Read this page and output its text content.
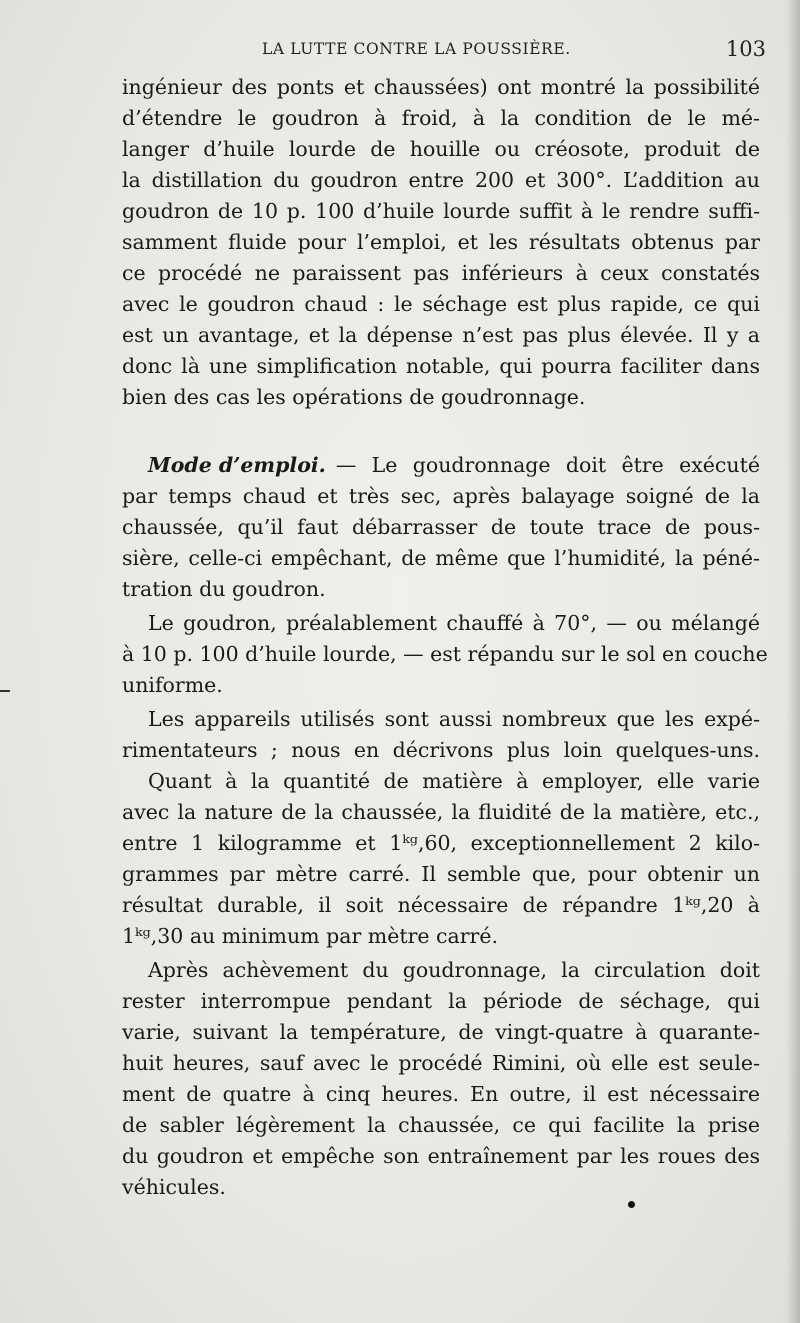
LA LUTTE CONTRE LA POUSSIÈRE.	103
ingénieur des ponts et chaussées) ont montré la possibilité
d’étendre le goudron à froid, à la condition de le mé-
langer d’huile lourde de houille ou créosote, produit de
la distillation du goudron entre 200 et 300°. L’addition au
goudron de 10 p. 100 d’huile lourde suffit à le rendre suffi-
samment fluide pour l’emploi, et les résultats obtenus par
ce procédé ne paraissent pas inférieurs à ceux constatés
avec le goudron chaud : le séchage est plus rapide, ce qui
est un avantage, et la dépense n’est pas plus élevée. Il y a
donc là une simplification notable, qui pourra faciliter dans
bien des cas les opérations de goudronnage.
Mode d’emploi. — Le goudronnage doit être exécuté
par temps chaud et très sec, après balayage soigné de la
chaussée, qu’il faut débarrasser de toute trace de pous-
sière, celle-ci empêchant, de même que l’humidité, la péné-
tration du goudron.
Le goudron, préalablement chauffé à 70°, — ou mélangé
à 10 p. 100 d’huile lourde, — est répandu sur le sol en couche
uniforme.
Les appareils utilisés sont aussi nombreux que les expé-
rimentateurs ; nous en décrivons plus loin quelques-uns.
Quant à la quantité de matière à employer, elle varie
avec la nature de la chaussée, la fluidité de la matière, etc.,
entre 1 kilogramme et 1ᵏᵍ,60, exceptionnellement 2 kilo-
grammes par mètre carré. Il semble que, pour obtenir un
résultat durable, il soit nécessaire de répandre 1ᵏᵍ,20 à
1ᵏᵍ,30 au minimum par mètre carré.
Après achèvement du goudronnage, la circulation doit
rester interrompue pendant la période de séchage, qui
varie, suivant la température, de vingt-quatre à quarante-
huit heures, sauf avec le procédé Rimini, où elle est seule-
ment de quatre à cinq heures. En outre, il est nécessaire
de sabler légèrement la chaussée, ce qui facilite la prise
du goudron et empêche son entraînement par les roues des
véhicules.
